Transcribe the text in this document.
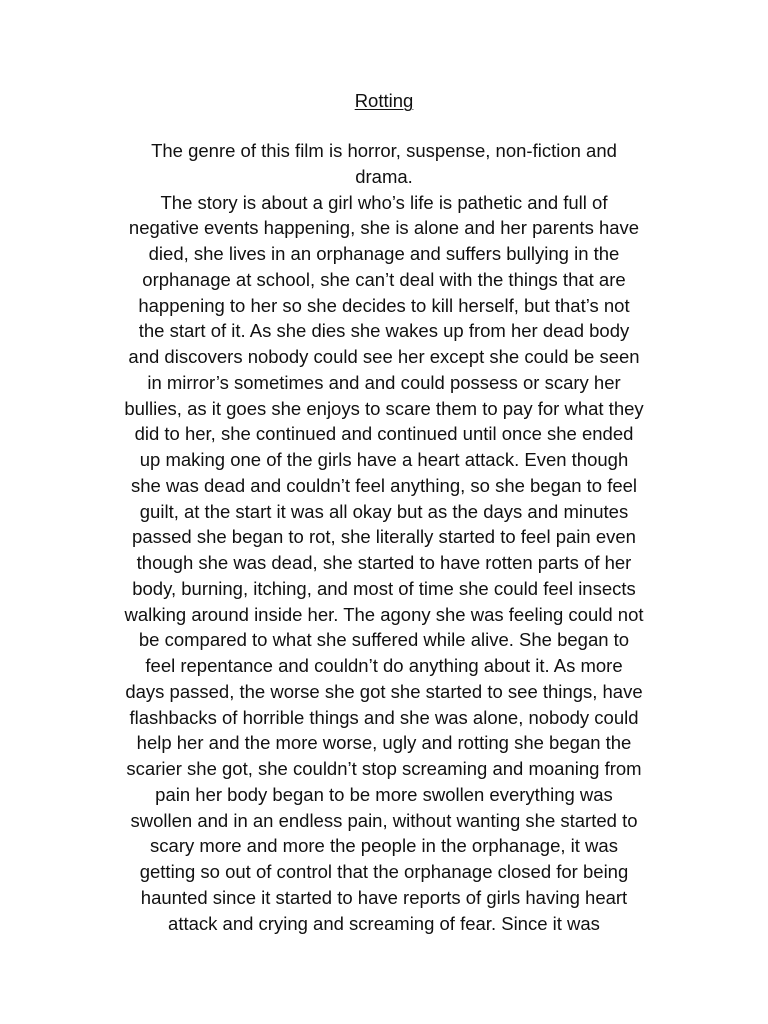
Rotting
The genre of this film is horror, suspense, non-fiction and
drama.
The story is about a girl who’s life is pathetic and full of
negative events happening, she is alone and her parents have
died, she lives in an orphanage and suffers bullying in the
orphanage at school, she can’t deal with the things that are
happening to her so she decides to kill herself, but that’s not
the start of it. As she dies she wakes up from her dead body
and discovers nobody could see her except she could be seen
in mirror’s sometimes and and could possess or scary her
bullies, as it goes she enjoys to scare them to pay for what they
did to her, she continued and continued until once she ended
up making one of the girls have a heart attack. Even though
she was dead and couldn’t feel anything, so she began to feel
guilt, at the start it was all okay but as the days and minutes
passed she began to rot, she literally started to feel pain even
though she was dead, she started to have rotten parts of her
body, burning, itching, and most of time she could feel insects
walking around inside her. The agony she was feeling could not
be compared to what she suffered while alive. She began to
feel repentance and couldn’t do anything about it. As more
days passed, the worse she got she started to see things, have
flashbacks of horrible things and she was alone, nobody could
help her and the more worse, ugly and rotting she began the
scarier she got, she couldn’t stop screaming and moaning from
pain her body began to be more swollen everything was
swollen and in an endless pain, without wanting she started to
scary more and more the people in the orphanage, it was
getting so out of control that the orphanage closed for being
haunted since it started to have reports of girls having heart
attack and crying and screaming of fear. Since it was
